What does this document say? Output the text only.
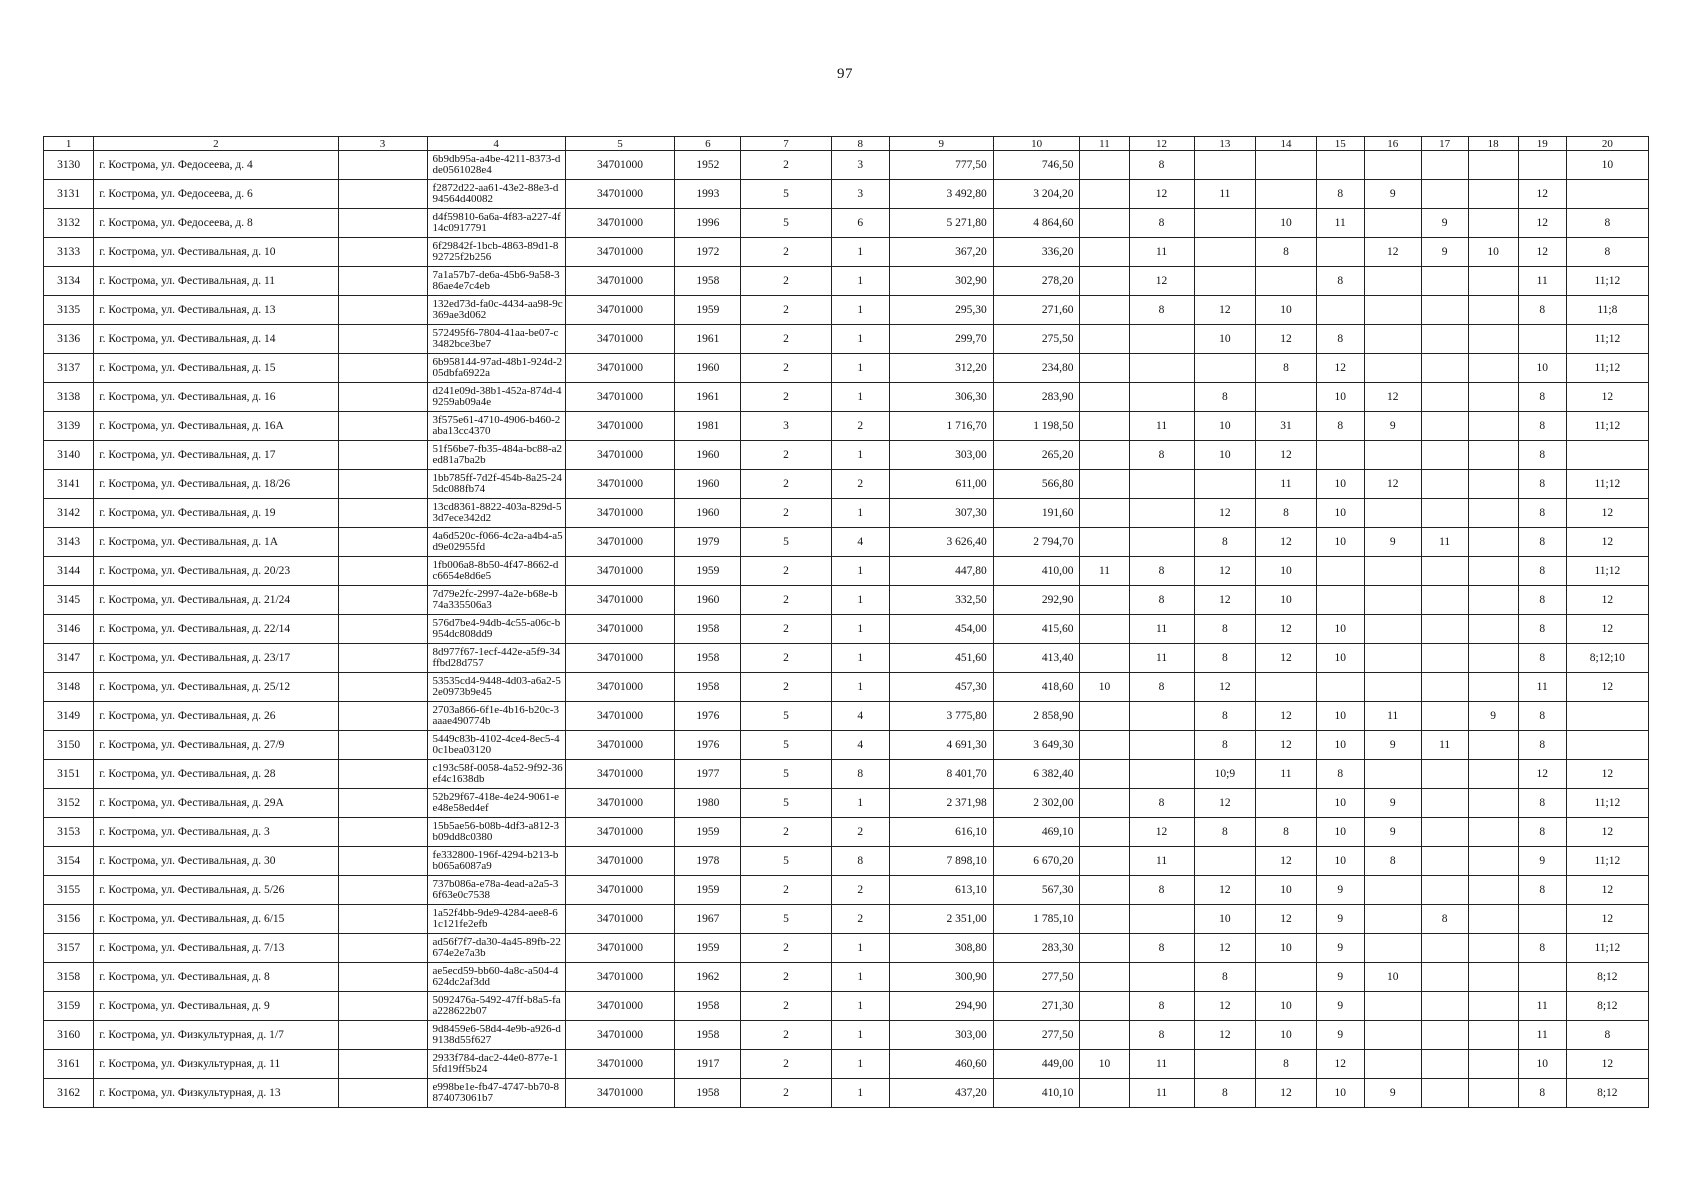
97
1	2	3	4	5	6	7	8	9	10	11	12	13	14	15	16	17	18	19	20
3130	г. Кострома, ул. Федосеева, д. 4		6b9db95a-a4be-4211-8373-dde0561028e4	34701000	1952	2	3	777,50	746,50		8								10
3131	г. Кострома, ул. Федосеева, д. 6		f2872d22-aa61-43e2-88e3-d94564d40082	34701000	1993	5	3	3 492,80	3 204,20		12	11		8	9			12	
3132	г. Кострома, ул. Федосеева, д. 8		d4f59810-6a6a-4f83-a227-4f14c0917791	34701000	1996	5	6	5 271,80	4 864,60		8		10	11		9		12	8
3133	г. Кострома, ул. Фестивальная, д. 10		6f29842f-1bcb-4863-89d1-892725f2b256	34701000	1972	2	1	367,20	336,20		11		8		12	9	10	12	8
3134	г. Кострома, ул. Фестивальная, д. 11		7a1a57b7-de6a-45b6-9a58-386ae4e7c4eb	34701000	1958	2	1	302,90	278,20		12			8				11	11;12
3135	г. Кострома, ул. Фестивальная, д. 13		132ed73d-fa0c-4434-aa98-9c369ae3d062	34701000	1959	2	1	295,30	271,60		8	12	10					8	11;8
3136	г. Кострома, ул. Фестивальная, д. 14		572495f6-7804-41aa-be07-c3482bce3be7	34701000	1961	2	1	299,70	275,50			10	12	8					11;12
3137	г. Кострома, ул. Фестивальная, д. 15		6b958144-97ad-48b1-924d-205dbfa6922a	34701000	1960	2	1	312,20	234,80				8	12				10	11;12
3138	г. Кострома, ул. Фестивальная, д. 16		d241e09d-38b1-452a-874d-49259ab09a4e	34701000	1961	2	1	306,30	283,90			8		10	12			8	12
3139	г. Кострома, ул. Фестивальная, д. 16А		3f575e61-4710-4906-b460-2aba13cc4370	34701000	1981	3	2	1 716,70	1 198,50		11	10	31	8	9			8	11;12
3140	г. Кострома, ул. Фестивальная, д. 17		51f56be7-fb35-484a-bc88-a2ed81a7ba2b	34701000	1960	2	1	303,00	265,20		8	10	12					8	
3141	г. Кострома, ул. Фестивальная, д. 18/26		1bb785ff-7d2f-454b-8a25-245dc088fb74	34701000	1960	2	2	611,00	566,80				11	10	12			8	11;12
3142	г. Кострома, ул. Фестивальная, д. 19		13cd8361-8822-403a-829d-53d7ece342d2	34701000	1960	2	1	307,30	191,60			12	8	10				8	12
3143	г. Кострома, ул. Фестивальная, д. 1А		4a6d520c-f066-4c2a-a4b4-a5d9e02955fd	34701000	1979	5	4	3 626,40	2 794,70			8	12	10	9	11		8	12
3144	г. Кострома, ул. Фестивальная, д. 20/23		1fb006a8-8b50-4f47-8662-dc6654e8d6e5	34701000	1959	2	1	447,80	410,00	11	8	12	10					8	11;12
3145	г. Кострома, ул. Фестивальная, д. 21/24		7d79e2fc-2997-4a2e-b68e-b74a335506a3	34701000	1960	2	1	332,50	292,90		8	12	10					8	12
3146	г. Кострома, ул. Фестивальная, д. 22/14		576d7be4-94db-4c55-a06c-b954dc808dd9	34701000	1958	2	1	454,00	415,60		11	8	12	10				8	12
3147	г. Кострома, ул. Фестивальная, д. 23/17		8d977f67-1ecf-442e-a5f9-34ffbd28d757	34701000	1958	2	1	451,60	413,40		11	8	12	10				8	8;12;10
3148	г. Кострома, ул. Фестивальная, д. 25/12		53535cd4-9448-4d03-a6a2-52e0973b9e45	34701000	1958	2	1	457,30	418,60	10	8	12						11	12
3149	г. Кострома, ул. Фестивальная, д. 26		2703a866-6f1e-4b16-b20c-3aaae490774b	34701000	1976	5	4	3 775,80	2 858,90			8	12	10	11		9	8	
3150	г. Кострома, ул. Фестивальная, д. 27/9		5449c83b-4102-4ce4-8ec5-40c1bea03120	34701000	1976	5	4	4 691,30	3 649,30			8	12	10	9	11		8	
3151	г. Кострома, ул. Фестивальная, д. 28		c193c58f-0058-4a52-9f92-36ef4c1638db	34701000	1977	5	8	8 401,70	6 382,40			10;9	11	8				12	12
3152	г. Кострома, ул. Фестивальная, д. 29А		52b29f67-418e-4e24-9061-ee48e58ed4ef	34701000	1980	5	1	2 371,98	2 302,00		8	12		10	9			8	11;12
3153	г. Кострома, ул. Фестивальная, д. 3		15b5ae56-b08b-4df3-a812-3b09dd8c0380	34701000	1959	2	2	616,10	469,10		12	8	8	10	9			8	12
3154	г. Кострома, ул. Фестивальная, д. 30		fe332800-196f-4294-b213-bb065a6087a9	34701000	1978	5	8	7 898,10	6 670,20		11		12	10	8			9	11;12
3155	г. Кострома, ул. Фестивальная, д. 5/26		737b086a-e78a-4ead-a2a5-36f63e0c7538	34701000	1959	2	2	613,10	567,30		8	12	10	9				8	12
3156	г. Кострома, ул. Фестивальная, д. 6/15		1a52f4bb-9de9-4284-aee8-61c121fe2efb	34701000	1967	5	2	2 351,00	1 785,10			10	12	9		8			12
3157	г. Кострома, ул. Фестивальная, д. 7/13		ad56f7f7-da30-4a45-89fb-22674e2e7a3b	34701000	1959	2	1	308,80	283,30		8	12	10	9				8	11;12
3158	г. Кострома, ул. Фестивальная, д. 8		ae5ecd59-bb60-4a8c-a504-4624dc2af3dd	34701000	1962	2	1	300,90	277,50			8		9	10				8;12
3159	г. Кострома, ул. Фестивальная, д. 9		5092476a-5492-47ff-b8a5-faa228622b07	34701000	1958	2	1	294,90	271,30		8	12	10	9				11	8;12
3160	г. Кострома, ул. Физкультурная, д. 1/7		9d8459e6-58d4-4e9b-a926-d9138d55f627	34701000	1958	2	1	303,00	277,50		8	12	10	9				11	8
3161	г. Кострома, ул. Физкультурная, д. 11		2933f784-dac2-44e0-877e-15fd19ff5b24	34701000	1917	2	1	460,60	449,00	10	11		8	12				10	12
3162	г. Кострома, ул. Физкультурная, д. 13		e998be1e-fb47-4747-bb70-8874073061b7	34701000	1958	2	1	437,20	410,10		11	8	12	10	9			8	8;12
